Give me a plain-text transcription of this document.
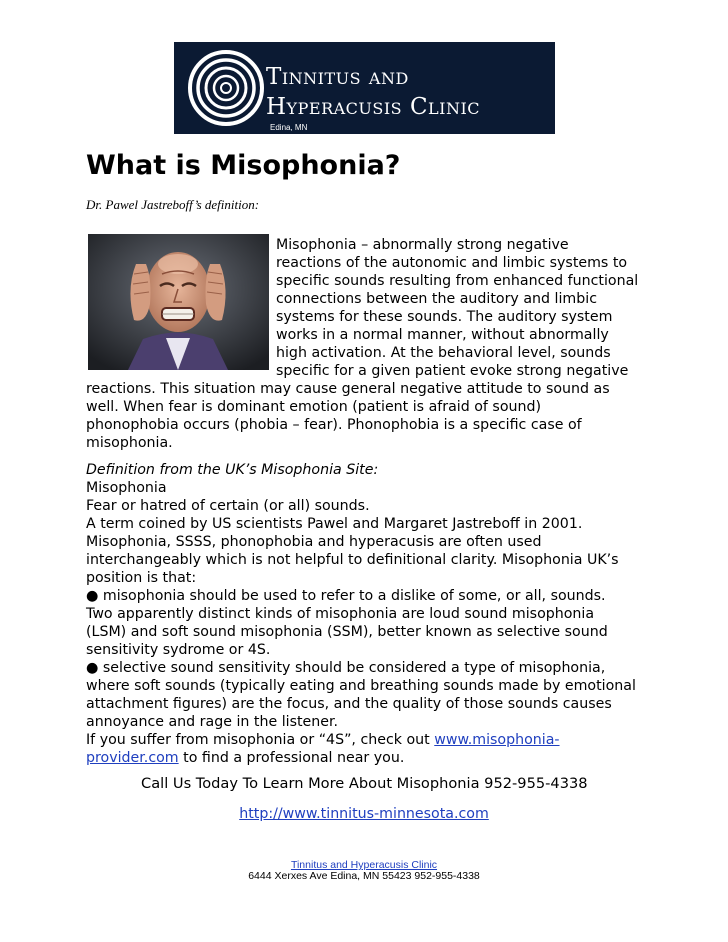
Tinnitus and
Hyperacusis Clinic
Edina, MN
What is Misophonia?
Dr. Pawel Jastreboff’s definition:
Misophonia – abnormally strong negative
reactions of the autonomic and limbic systems to
specific sounds resulting from enhanced functional
connections between the auditory and limbic
systems for these sounds. The auditory system
works in a normal manner, without abnormally
high activation. At the behavioral level, sounds
specific for a given patient evoke strong negative
reactions. This situation may cause general negative attitude to sound as
well. When fear is dominant emotion (patient is afraid of sound)
phonophobia occurs (phobia – fear). Phonophobia is a specific case of
misophonia.
Definition from the UK’s Misophonia Site:
Misophonia
Fear or hatred of certain (or all) sounds.
A term coined by US scientists Pawel and Margaret Jastreboff in 2001.
Misophonia, SSSS, phonophobia and hyperacusis are often used
interchangeably which is not helpful to definitional clarity. Misophonia UK’s
position is that:
● misophonia should be used to refer to a dislike of some, or all, sounds.
Two apparently distinct kinds of misophonia are loud sound misophonia
(LSM) and soft sound misophonia (SSM), better known as selective sound
sensitivity sydrome or 4S.
● selective sound sensitivity should be considered a type of misophonia,
where soft sounds (typically eating and breathing sounds made by emotional
attachment figures) are the focus, and the quality of those sounds causes
annoyance and rage in the listener.
If you suffer from misophonia or “4S”, check out www.misophonia-
provider.com to find a professional near you.
Call Us Today To Learn More About Misophonia 952-955-4338
http://www.tinnitus-minnesota.com
Tinnitus and Hyperacusis Clinic
6444 Xerxes Ave Edina, MN 55423 952-955-4338
